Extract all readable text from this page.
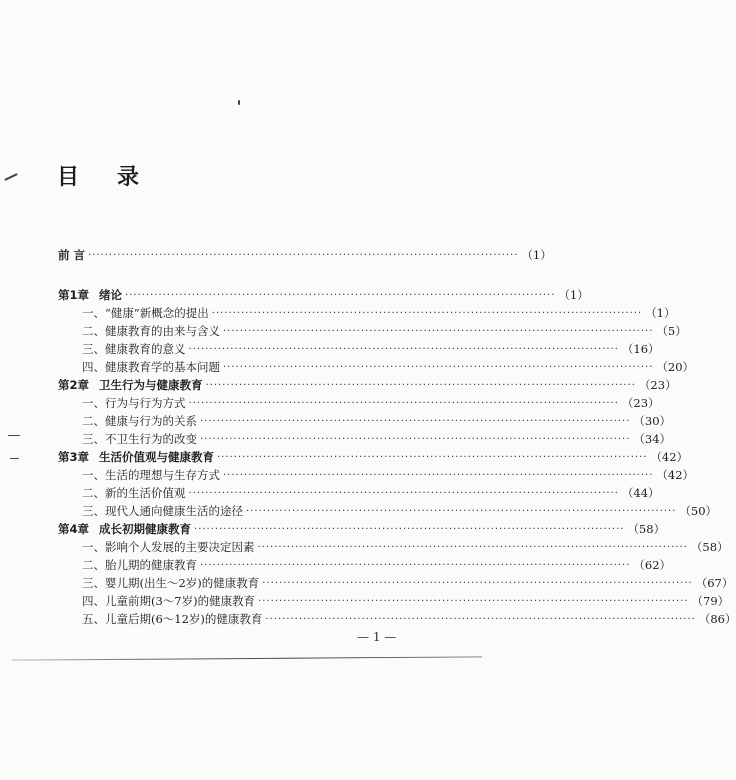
目 录
前 言 ······································································································· （1）
第1章 绪论 ······································································································· （1）
一、“健康”新概念的提出 ······································································································· （1）
二、健康教育的由来与含义 ······································································································· （5）
三、健康教育的意义 ······································································································· （16）
四、健康教育学的基本问题 ······································································································· （20）
第2章 卫生行为与健康教育 ······································································································· （23）
一、行为与行为方式 ······································································································· （23）
二、健康与行为的关系 ······································································································· （30）
三、不卫生行为的改变 ······································································································· （34）
第3章 生活价值观与健康教育 ······································································································· （42）
一、生活的理想与生存方式 ······································································································· （42）
二、新的生活价值观 ······································································································· （44）
三、现代人通向健康生活的途径 ······································································································· （50）
第4章 成长初期健康教育 ······································································································· （58）
一、影响个人发展的主要决定因素 ······································································································· （58）
二、胎儿期的健康教育 ······································································································· （62）
三、婴儿期(出生～2岁)的健康教育 ······································································································· （67）
四、儿童前期(3～7岁)的健康教育 ······································································································· （79）
五、儿童后期(6～12岁)的健康教育 ······································································································· （86）
— 1 —
